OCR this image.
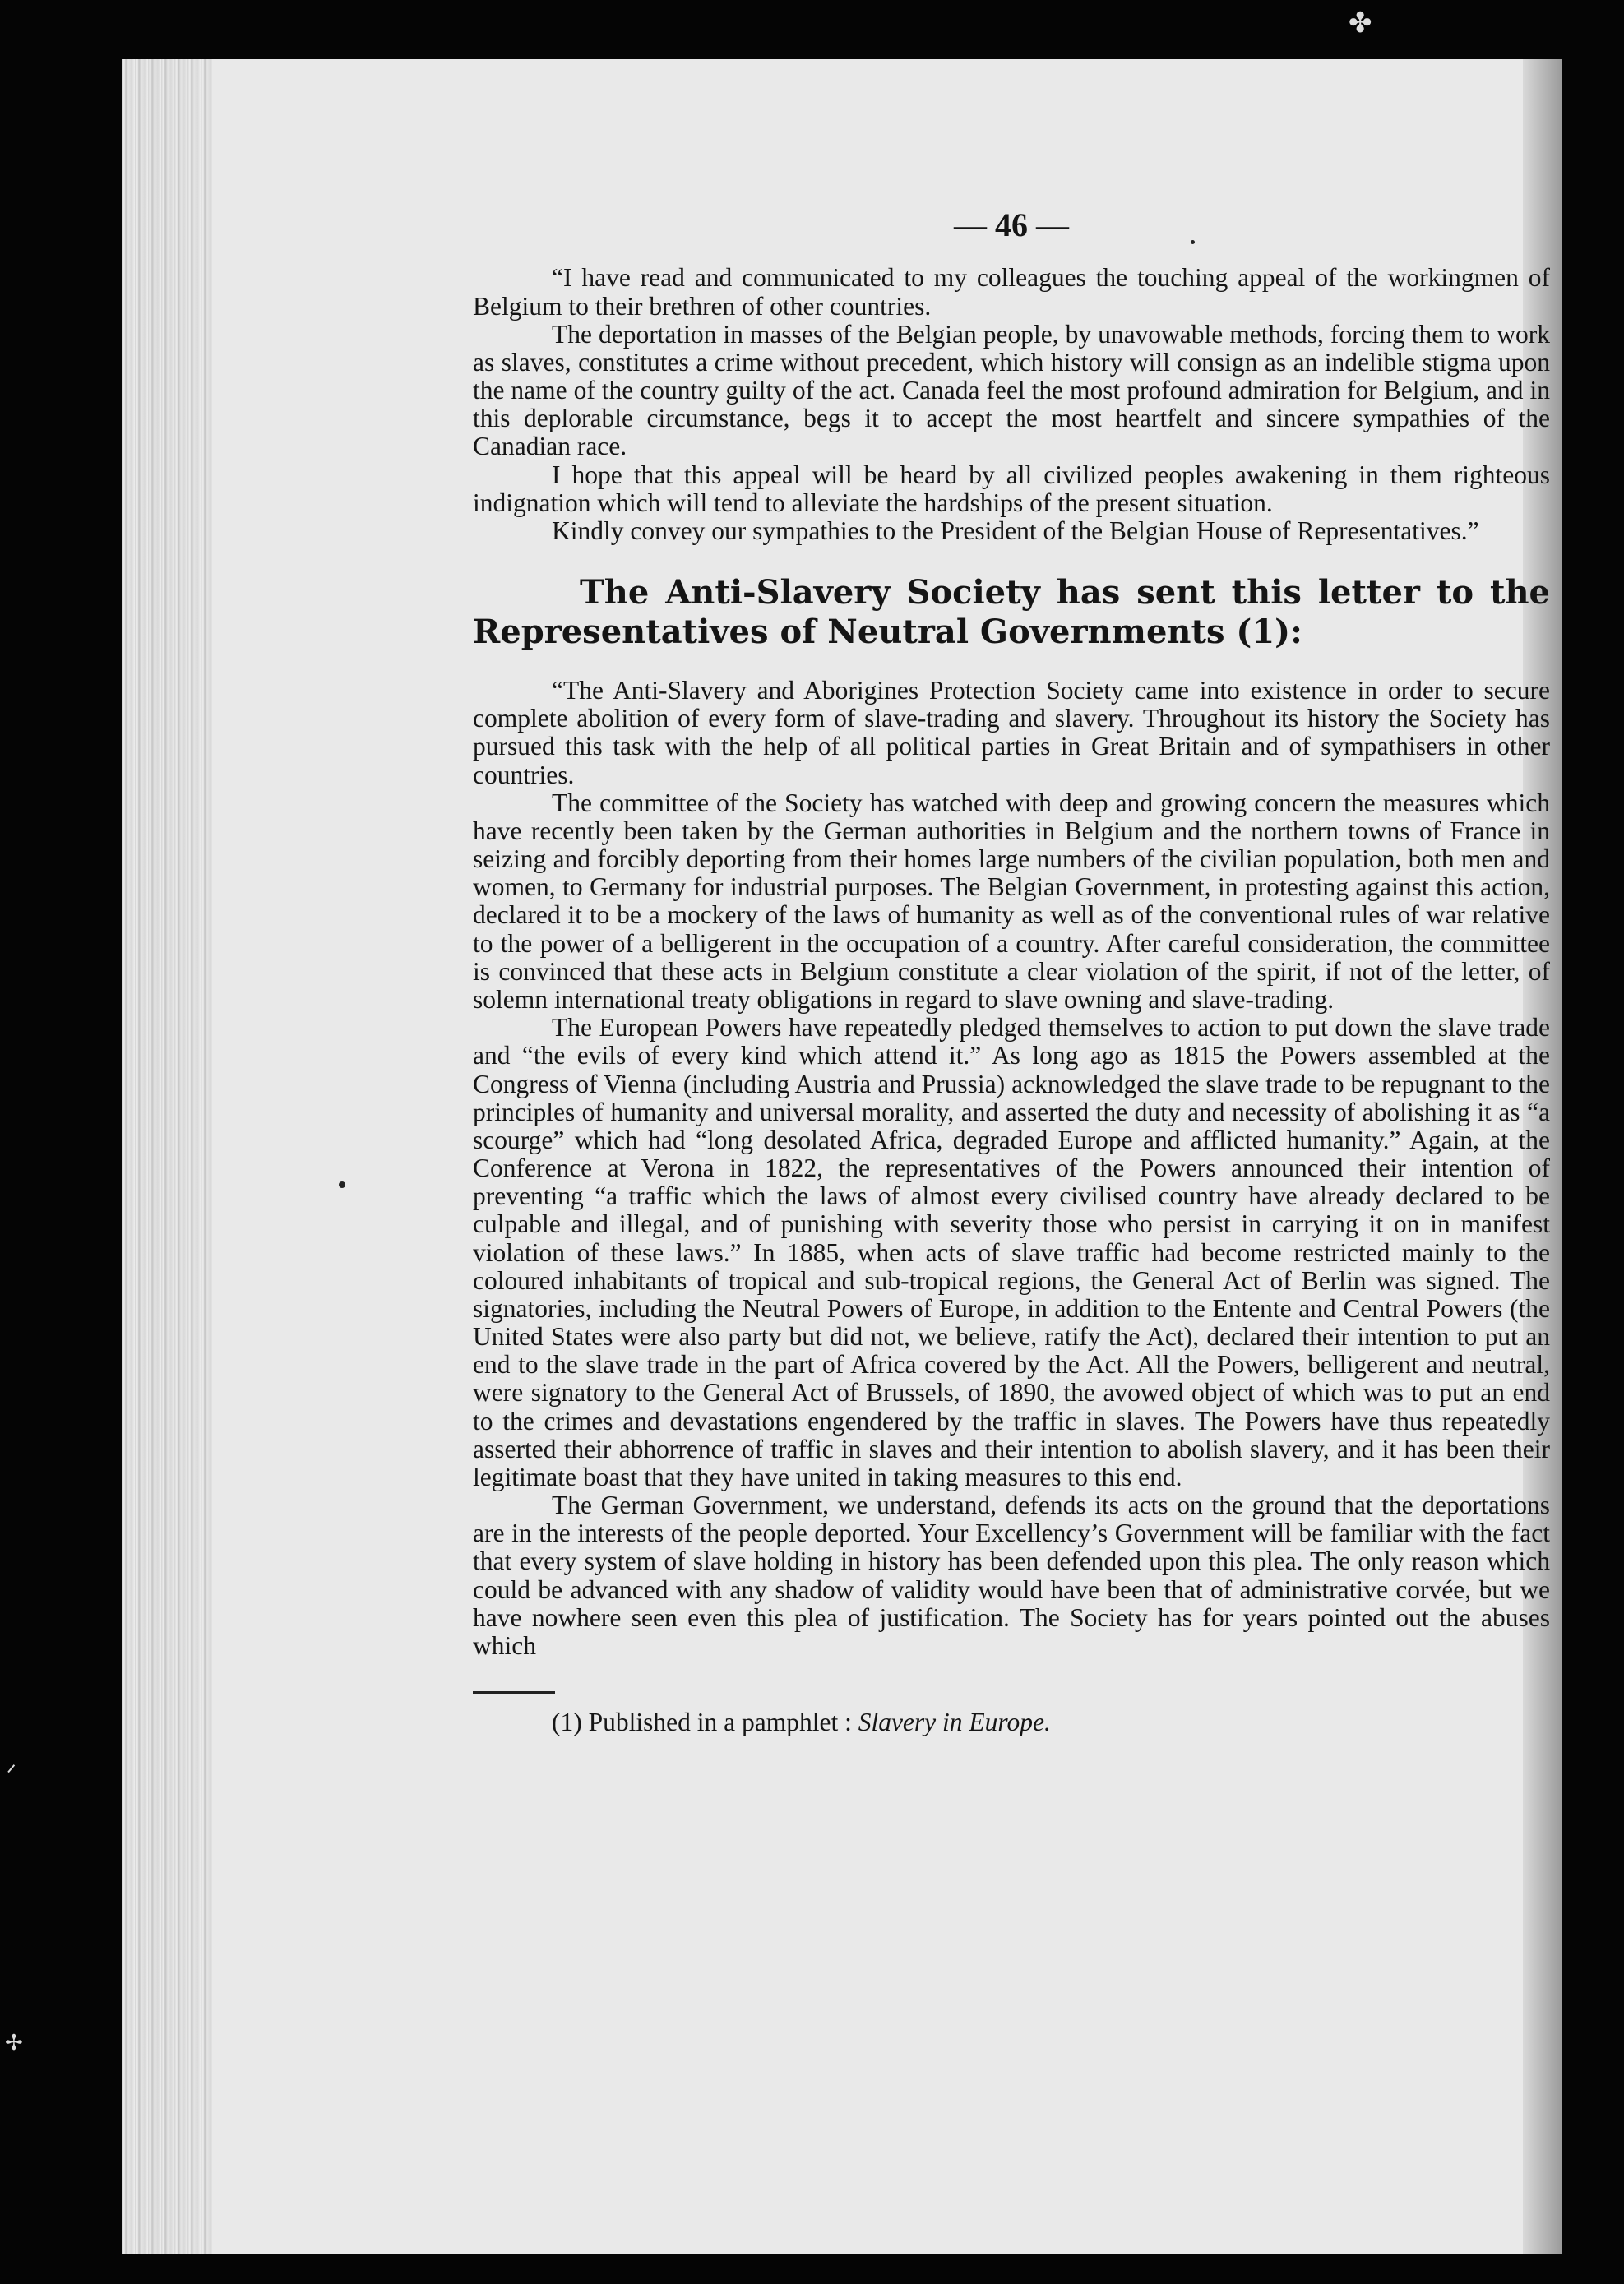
— 46 —

“I have read and communicated to my colleagues the touching appeal of the workingmen of Belgium to their brethren of other countries.

The deportation in masses of the Belgian people, by unavowable methods, forcing them to work as slaves, constitutes a crime without precedent, which history will consign as an indelible stigma upon the name of the country guilty of the act. Canada feel the most profound admiration for Belgium, and in this deplorable circumstance, begs it to accept the most heartfelt and sincere sympathies of the Canadian race.

I hope that this appeal will be heard by all civilized peoples awakening in them righteous indignation which will tend to alleviate the hardships of the present situation.

Kindly convey our sympathies to the President of the Belgian House of Representatives.”

The Anti-Slavery Society has sent this letter to the Representatives of Neutral Governments (1):

“The Anti-Slavery and Aborigines Protection Society came into existence in order to secure complete abolition of every form of slave-trading and slavery. Throughout its history the Society has pursued this task with the help of all political parties in Great Britain and of sympathisers in other countries.

The committee of the Society has watched with deep and growing concern the measures which have recently been taken by the German authorities in Belgium and the northern towns of France in seizing and forcibly deporting from their homes large numbers of the civilian population, both men and women, to Germany for industrial purposes. The Belgian Government, in protesting against this action, declared it to be a mockery of the laws of humanity as well as of the conventional rules of war relative to the power of a belligerent in the occupation of a country. After careful consideration, the committee is convinced that these acts in Belgium constitute a clear violation of the spirit, if not of the letter, of solemn international treaty obligations in regard to slave owning and slave-trading.

The European Powers have repeatedly pledged themselves to action to put down the slave trade and “the evils of every kind which attend it.” As long ago as 1815 the Powers assembled at the Congress of Vienna (including Austria and Prussia) acknowledged the slave trade to be repugnant to the principles of humanity and universal morality, and asserted the duty and necessity of abolishing it as “a scourge” which had “long desolated Africa, degraded Europe and afflicted humanity.” Again, at the Conference at Verona in 1822, the representatives of the Powers announced their intention of preventing “a traffic which the laws of almost every civilised country have already declared to be culpable and illegal, and of punishing with severity those who persist in carrying it on in manifest violation of these laws.” In 1885, when acts of slave traffic had become restricted mainly to the coloured inhabitants of tropical and sub-tropical regions, the General Act of Berlin was signed. The signatories, including the Neutral Powers of Europe, in addition to the Entente and Central Powers (the United States were also party but did not, we believe, ratify the Act), declared their intention to put an end to the slave trade in the part of Africa covered by the Act. All the Powers, belligerent and neutral, were signatory to the General Act of Brussels, of 1890, the avowed object of which was to put an end to the crimes and devastations engendered by the traffic in slaves. The Powers have thus repeatedly asserted their abhorrence of traffic in slaves and their intention to abolish slavery, and it has been their legitimate boast that they have united in taking measures to this end.

The German Government, we understand, defends its acts on the ground that the deportations are in the interests of the people deported. Your Excellency’s Government will be familiar with the fact that every system of slave holding in history has been defended upon this plea. The only reason which could be advanced with any shadow of validity would have been that of administrative corvée, but we have nowhere seen even this plea of justification. The Society has for years pointed out the abuses which

(1) Published in a pamphlet : Slavery in Europe.

✤
ᐟ
✢
